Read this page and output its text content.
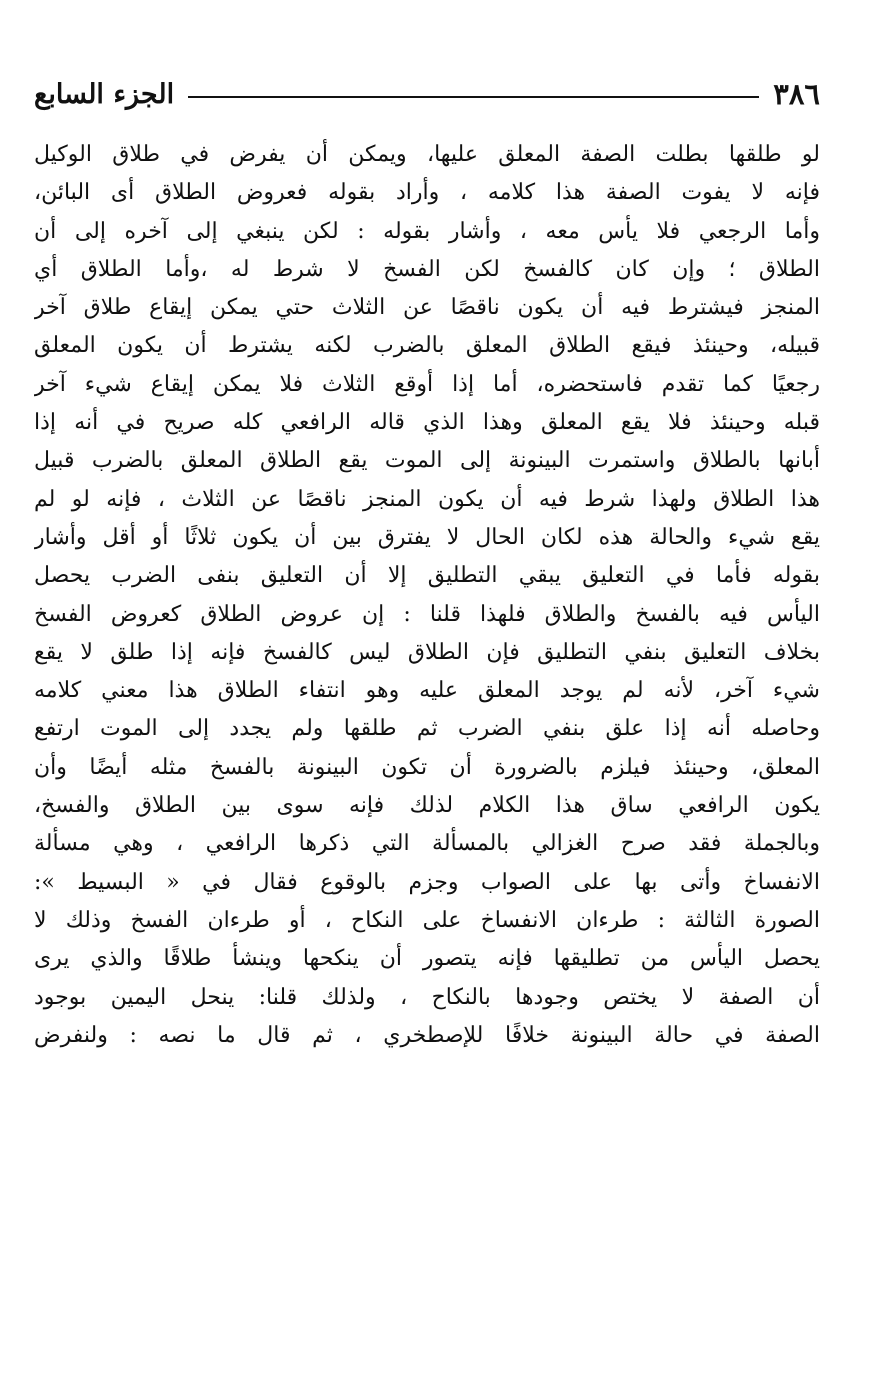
٣٨٦
الجزء السابع
لو طلقها بطلت الصفة المعلق عليها، ويمكن أن يفرض في طلاق الوكيل
فإنه لا يفوت الصفة هذا كلامه ، وأراد بقوله فعروض الطلاق أى البائن،
وأما الرجعي فلا يأس معه ، وأشار بقوله : لكن ينبغي إلى آخره إلى أن
الطلاق ؛ وإن كان كالفسخ لكن الفسخ لا شرط له ،وأما الطلاق أي
المنجز فيشترط فيه أن يكون ناقصًا عن الثلاث حتي يمكن إيقاع طلاق آخر
قبيله، وحينئذ فيقع الطلاق المعلق بالضرب لكنه يشترط أن يكون المعلق
رجعيًا كما تقدم فاستحضره، أما إذا أوقع الثلاث فلا يمكن إيقاع شيء آخر
قبله وحينئذ فلا يقع المعلق وهذا الذي قاله الرافعي كله صريح في أنه إذا
أبانها بالطلاق واستمرت البينونة إلى الموت يقع الطلاق المعلق بالضرب قبيل
هذا الطلاق ولهذا شرط فيه أن يكون المنجز ناقصًا عن الثلاث ، فإنه لو لم
يقع شيء والحالة هذه لكان الحال لا يفترق بين أن يكون ثلاثًا أو أقل وأشار
بقوله فأما في التعليق يبقي التطليق إلا أن التعليق بنفى الضرب يحصل
اليأس فيه بالفسخ والطلاق فلهذا قلنا : إن عروض الطلاق كعروض الفسخ
بخلاف التعليق بنفي التطليق فإن الطلاق ليس كالفسخ فإنه إذا طلق لا يقع
شيء آخر، لأنه لم يوجد المعلق عليه وهو انتفاء الطلاق هذا معني كلامه
وحاصله أنه إذا علق بنفي الضرب ثم طلقها ولم يجدد إلى الموت ارتفع
المعلق، وحينئذ فيلزم بالضرورة أن تكون البينونة بالفسخ مثله أيضًا وأن
يكون الرافعي ساق هذا الكلام لذلك فإنه سوى بين الطلاق والفسخ،
وبالجملة فقد صرح الغزالي بالمسألة التي ذكرها الرافعي ، وهي مسألة
الانفساخ وأتى بها على الصواب وجزم بالوقوع فقال في « البسيط »:
الصورة الثالثة : طرءان الانفساخ على النكاح ، أو طرءان الفسخ وذلك لا
يحصل اليأس من تطليقها فإنه يتصور أن ينكحها وينشأ طلاقًا والذي يرى
أن الصفة لا يختص وجودها بالنكاح ، ولذلك قلنا: ينحل اليمين بوجود
الصفة في حالة البينونة خلافًا للإصطخري ، ثم قال ما نصه : ولنفرض
